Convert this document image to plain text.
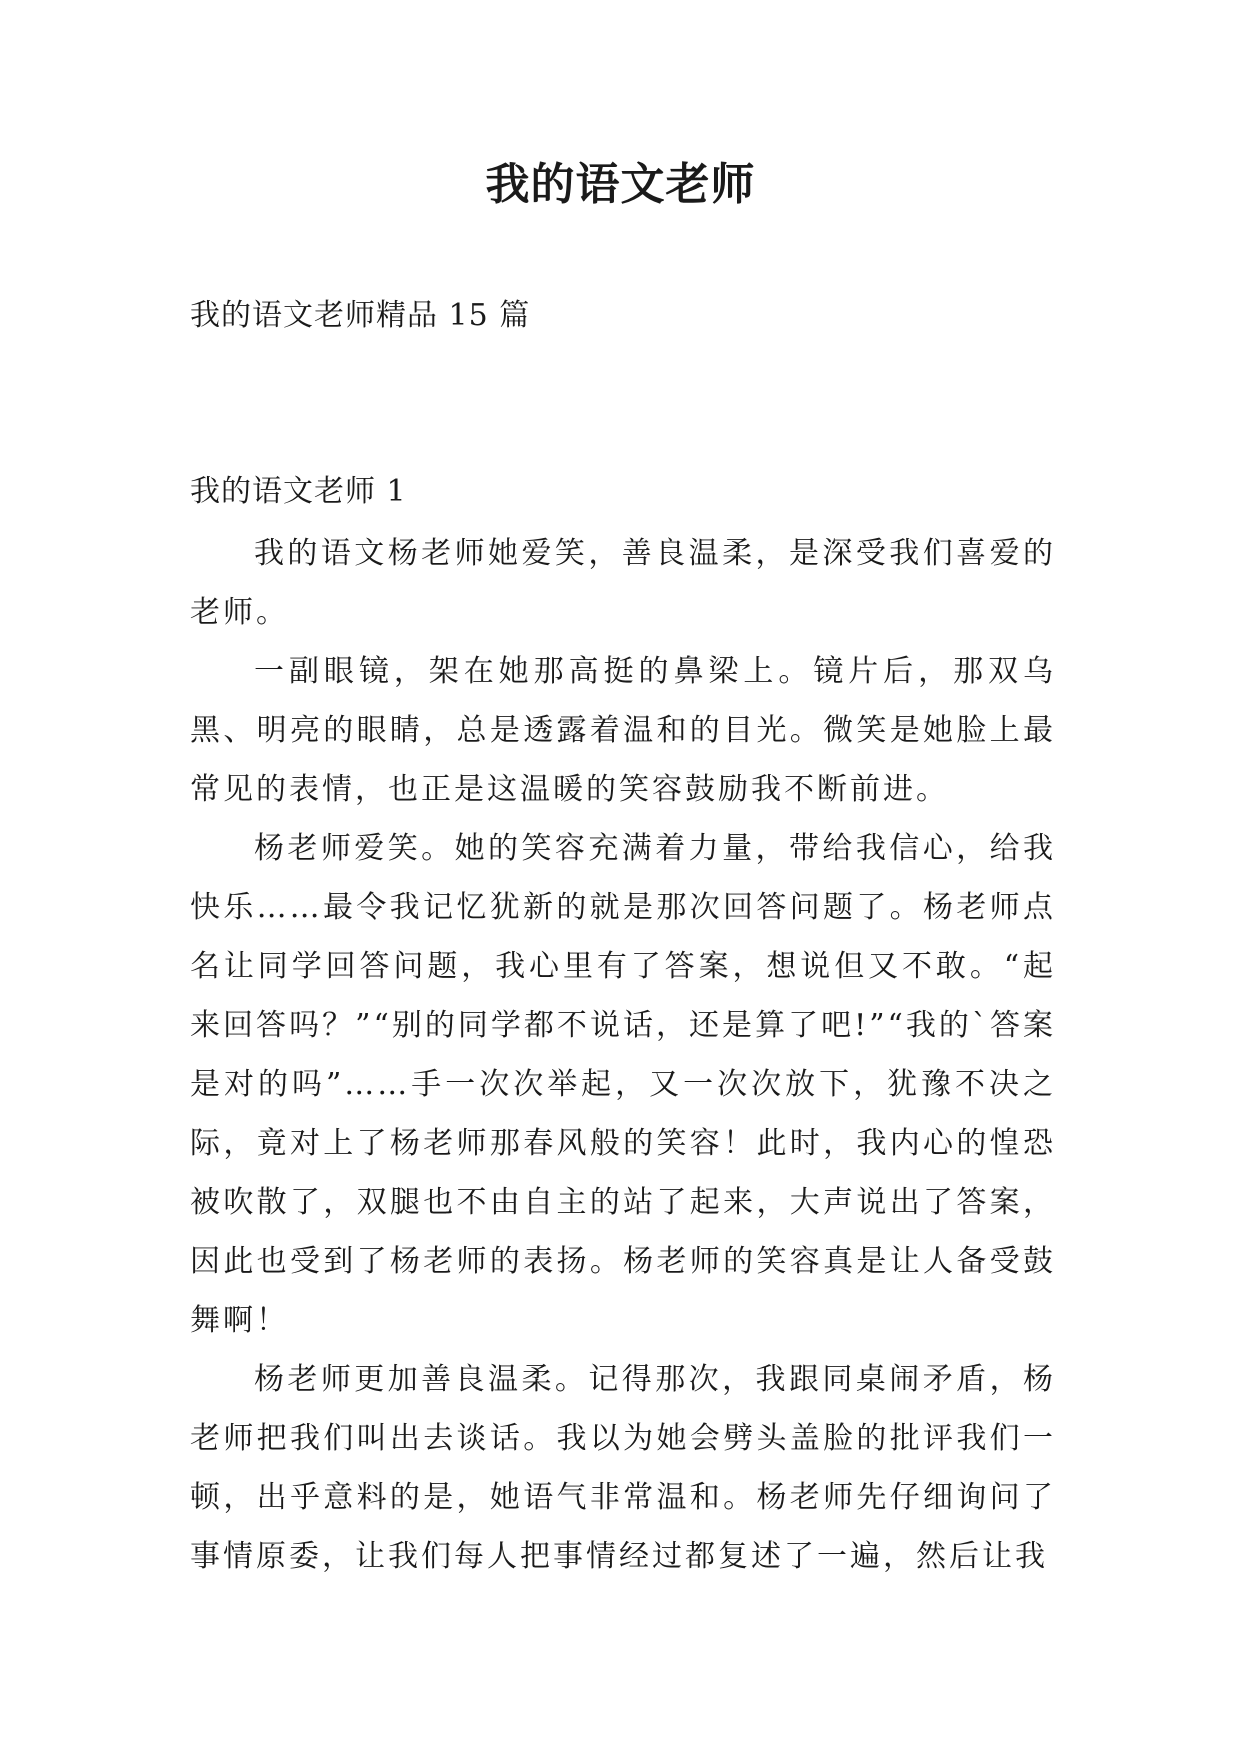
我的语文老师
我的语文老师精品 15 篇
我的语文老师 1

我的语文杨老师她爱笑，善良温柔，是深受我们喜爱的老师。

一副眼镜，架在她那高挺的鼻梁上。镜片后，那双乌黑、明亮的眼睛，总是透露着温和的目光。微笑是她脸上最常见的表情，也正是这温暖的笑容鼓励我不断前进。

杨老师爱笑。她的笑容充满着力量，带给我信心，给我快乐……最令我记忆犹新的就是那次回答问题了。杨老师点名让同学回答问题，我心里有了答案，想说但又不敢。“起来回答吗？”“别的同学都不说话，还是算了吧!”“我的`答案是对的吗”……手一次次举起，又一次次放下，犹豫不决之际，竟对上了杨老师那春风般的笑容！此时，我内心的惶恐被吹散了，双腿也不由自主的站了起来，大声说出了答案，因此也受到了杨老师的表扬。杨老师的笑容真是让人备受鼓舞啊！

杨老师更加善良温柔。记得那次，我跟同桌闹矛盾，杨老师把我们叫出去谈话。我以为她会劈头盖脸的批评我们一顿，出乎意料的是，她语气非常温和。杨老师先仔细询问了事情原委，让我们每人把事情经过都复述了一遍，然后让我
